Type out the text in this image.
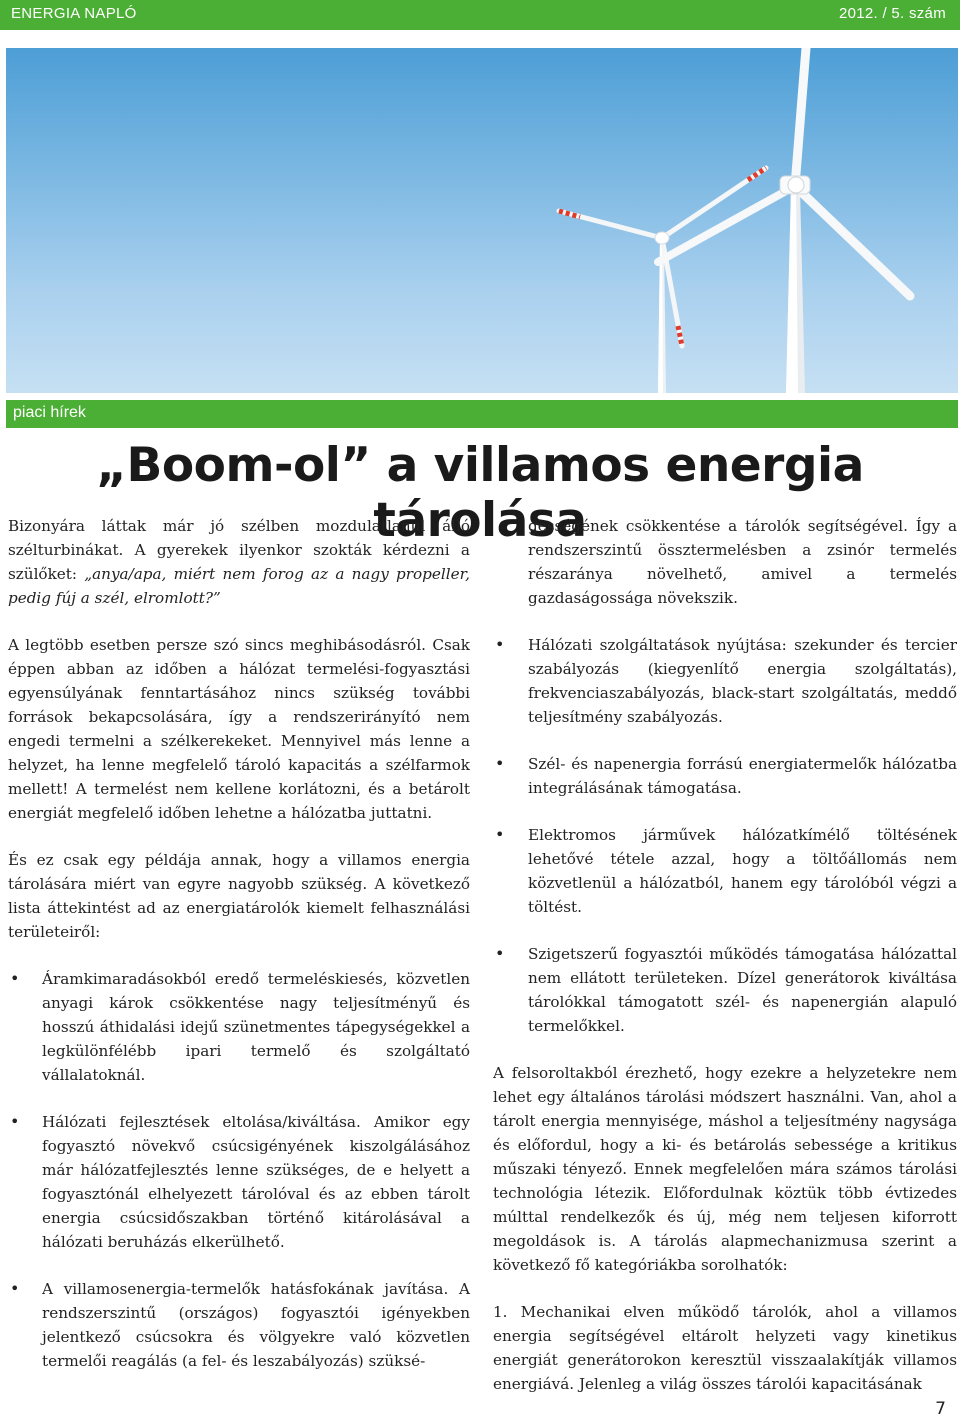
ENERGIA NAPLÓ	2012. / 5. szám
piaci hírek
„Boom-ol” a villamos energia tárolása

Bizonyára láttak már jó szélben mozdulatlanul álló szélturbinákat. A gyerekek ilyenkor szokták kérdezni a szülőket: „anya/apa, miért nem forog az a nagy propeller, pedig fúj a szél, elromlott?”

A legtöbb esetben persze szó sincs meghibásodásról. Csak éppen abban az időben a hálózat termelési-fogyasztási egyensúlyának fenntartásához nincs szükség további források bekapcsolására, így a rendszerirányító nem engedi termelni a szélkerekeket. Mennyivel más lenne a helyzet, ha lenne megfelelő tároló kapacitás a szélfarmok mellett! A termelést nem kellene korlátozni, és a betárolt energiát megfelelő időben lehetne a hálózatba juttatni.

És ez csak egy példája annak, hogy a villamos energia tárolására miért van egyre nagyobb szükség. A következő lista áttekintést ad az energiatárolók kiemelt felhasználási területeiről:

• Áramkimaradásokból eredő termeléskiesés, közvetlen anyagi károk csökkentése nagy teljesítményű és hosszú áthidalási idejű szünetmentes tápegységekkel a legkülönfélébb ipari termelő és szolgáltató vállalatoknál.
• Hálózati fejlesztések eltolása/kiváltása. Amikor egy fogyasztó növekvő csúcsigényének kiszolgálásához már hálózatfejlesztés lenne szükséges, de e helyett a fogyasztónál elhelyezett tárolóval és az ebben tárolt energia csúcsidőszakban történő kitárolásával a hálózati beruházás elkerülhető.
• A villamosenergia-termelők hatásfokának javítása. A rendszerszintű (országos) fogyasztói igényekben jelentkező csúcsokra és völgyekre való közvetlen termelői reagálás (a fel- és leszabályozás) szüksé-

gességének csökkentése a tárolók segítségével. Így a rendszerszintű össztermelésben a zsinór termelés részaránya növelhető, amivel a termelés gazdaságossága növekszik.

• Hálózati szolgáltatások nyújtása: szekunder és tercier szabályozás (kiegyenlítő energia szolgáltatás), frekvenciaszabályozás, black-start szolgáltatás, meddő teljesítmény szabályozás.
• Szél- és napenergia forrású energiatermelők hálózatba integrálásának támogatása.
• Elektromos járművek hálózatkímélő töltésének lehetővé tétele azzal, hogy a töltőállomás nem közvetlenül a hálózatból, hanem egy tárolóból végzi a töltést.
• Szigetszerű fogyasztói működés támogatása hálózattal nem ellátott területeken. Dízel generátorok kiváltása tárolókkal támogatott szél- és napenergián alapuló termelőkkel.

A felsoroltakból érezhető, hogy ezekre a helyzetekre nem lehet egy általános tárolási módszert használni. Van, ahol a tárolt energia mennyisége, máshol a teljesítmény nagysága és előfordul, hogy a ki- és betárolás sebessége a kritikus műszaki tényező. Ennek megfelelően mára számos tárolási technológia létezik. Előfordulnak köztük több évtizedes múlttal rendelkezők és új, még nem teljesen kiforrott megoldások is. A tárolás alapmechanizmusa szerint a következő fő kategóriákba sorolhatók:

1. Mechanikai elven működő tárolók, ahol a villamos energia segítségével eltárolt helyzeti vagy kinetikus energiát generátorokon keresztül visszaalakítják villamos energiává. Jelenleg a világ összes tárolói kapacitásának

7
